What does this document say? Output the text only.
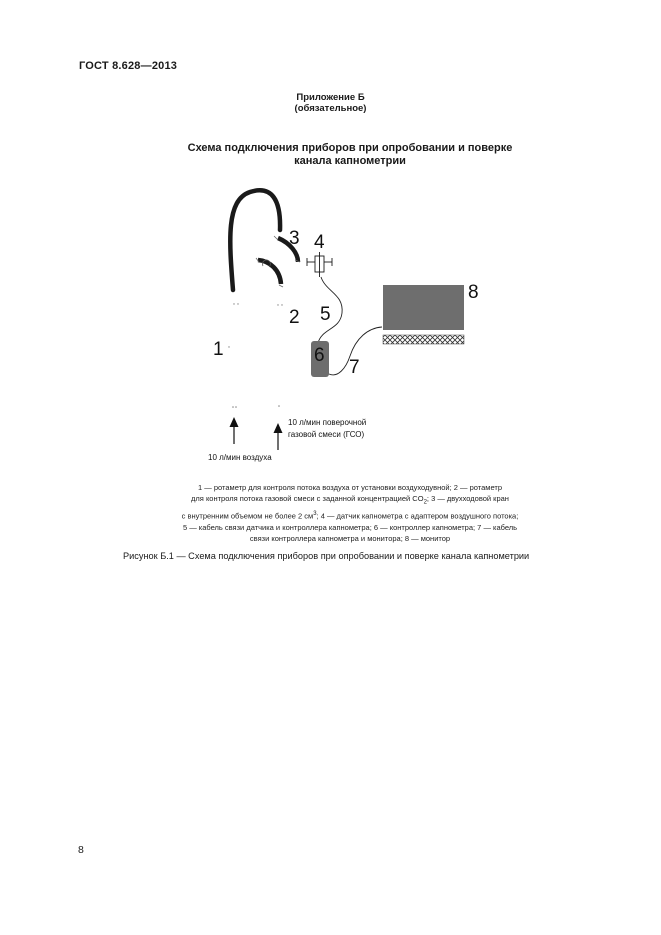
ГОСТ 8.628—2013
Приложение Б
(обязательное)
Схема подключения приборов при опробовании и поверке
канала капнометрии
1
2
3 4
5
6
7
8
10 л/мин поверочной
газовой смеси (ГСО)
10 л/мин воздуха
1 — ротаметр для контроля потока воздуха от установки воздуходувной; 2 — ротаметр
для контроля потока газовой смеси с заданной концентрацией $CO_2$; 3 — двухходовой кран
с внутренним объемом не более 2 $см^3$; 4 — датчик капнометра с адаптером воздушного потока;
5 — кабель связи датчика и контроллера капнометра; 6 — контроллер капнометра; 7 — кабель
связи контроллера капнометра и монитора; 8 — монитор
Рисунок Б.1 — Схема подключения приборов при опробовании и поверке канала капнометрии
8
